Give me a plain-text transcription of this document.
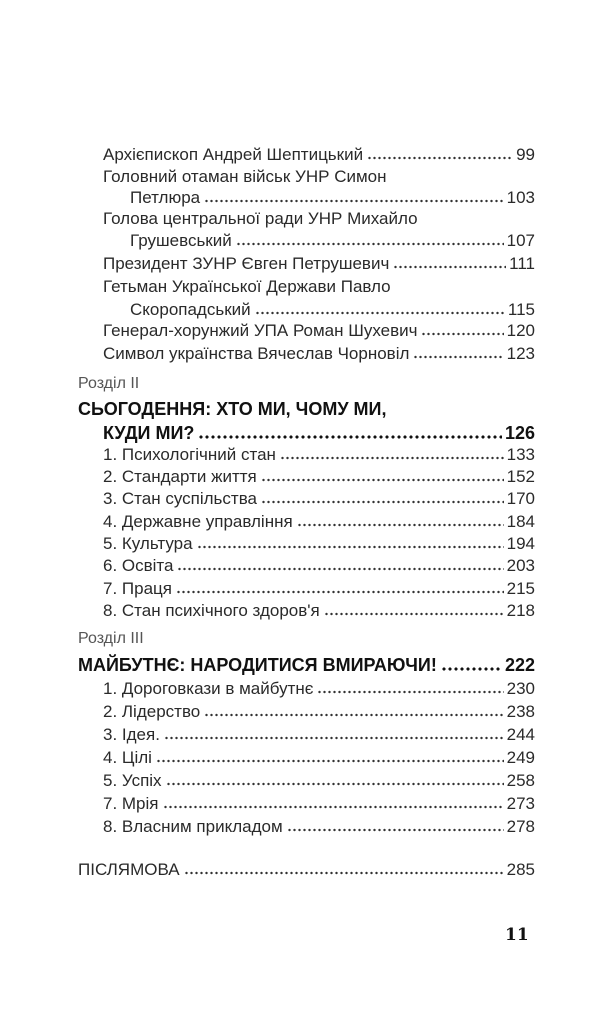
Архієпископ Андрей Шептицький	99
Головний отаман військ УНР Симон
Петлюра	103
Голова центральної ради УНР Михайло
Грушевський	107
Президент ЗУНР Євген Петрушевич	111
Гетьман Української Держави Павло
Скоропадський	115
Генерал-хорунжий УПА Роман Шухевич	120
Символ українства Вячеслав Чорновіл	123
Розділ II
СЬОГОДЕННЯ: ХТО МИ, ЧОМУ МИ,
КУДИ МИ?	126
1. Психологічний стан	133
2. Стандарти життя	152
3. Стан суспільства	170
4. Державне управління	184
5. Культура	194
6. Освіта	203
7. Праця	215
8. Стан психічного здоров'я	218
Розділ III
МАЙБУТНЄ: НАРОДИТИСЯ ВМИРАЮЧИ!	222
1. Дороговкази в майбутнє	230
2. Лідерство	238
3. Ідея.	244
4. Цілі	249
5. Успіх	258
7. Мрія	273
8. Власним прикладом	278
ПІСЛЯМОВА	285
11
